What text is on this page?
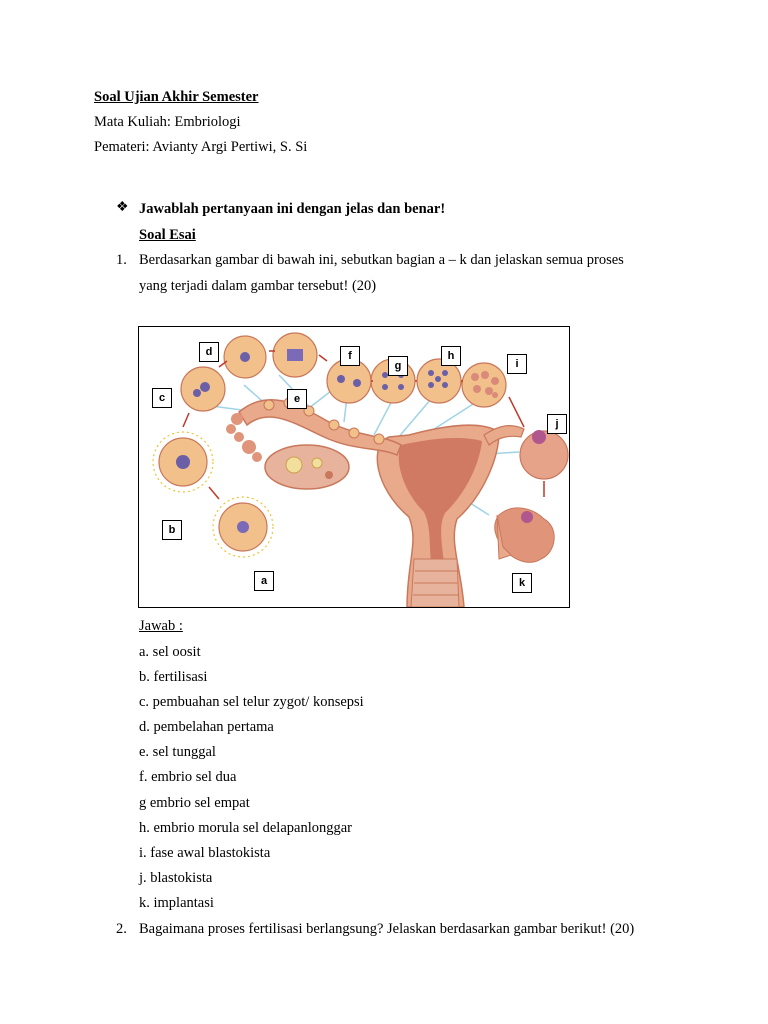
Soal Ujian Akhir Semester
Mata Kuliah: Embriologi
Pemateri: Avianty Argi Pertiwi, S. Si
❖ Jawablah pertanyaan ini dengan jelas dan benar!
Soal Esai
1. Berdasarkan gambar di bawah ini, sebutkan bagian a – k dan jelaskan semua proses
yang terjadi dalam gambar tersebut! (20)
a
b
c
d
e
f
g
h
i
j
k
Jawab :
a. sel oosit
b. fertilisasi
c. pembuahan sel telur zygot/ konsepsi
d. pembelahan pertama
e. sel tunggal
f. embrio sel dua
g embrio sel empat
h. embrio morula sel delapanlonggar
i. fase awal blastokista
j. blastokista
k. implantasi
2. Bagaimana proses fertilisasi berlangsung? Jelaskan berdasarkan gambar berikut! (20)
